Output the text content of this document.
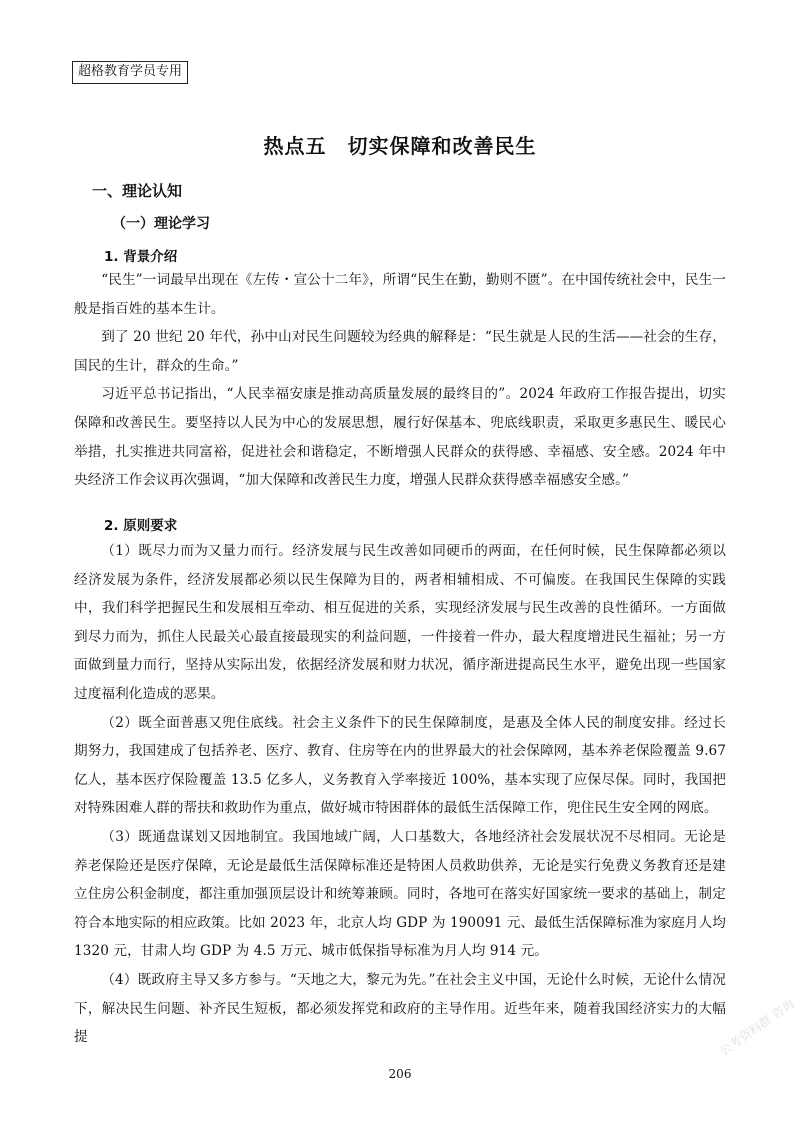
超格教育学员专用
热点五　切实保障和改善民生
一、理论认知
（一）理论学习
1. 背景介绍

“民生”一词最早出现在《左传・宣公十二年》，所谓“民生在勤，勤则不匮”。在中国传统社会中，民生一般是指百姓的基本生计。

到了 20 世纪 20 年代，孙中山对民生问题较为经典的解释是：“民生就是人民的生活——社会的生存，国民的生计，群众的生命。”

习近平总书记指出，“人民幸福安康是推动高质量发展的最终目的”。2024 年政府工作报告提出，切实保障和改善民生。要坚持以人民为中心的发展思想，履行好保基本、兜底线职责，采取更多惠民生、暖民心举措，扎实推进共同富裕，促进社会和谐稳定，不断增强人民群众的获得感、幸福感、安全感。2024 年中央经济工作会议再次强调，“加大保障和改善民生力度，增强人民群众获得感幸福感安全感。”

2. 原则要求

（1）既尽力而为又量力而行。经济发展与民生改善如同硬币的两面，在任何时候，民生保障都必须以经济发展为条件，经济发展都必须以民生保障为目的，两者相辅相成、不可偏废。在我国民生保障的实践中，我们科学把握民生和发展相互牵动、相互促进的关系，实现经济发展与民生改善的良性循环。一方面做到尽力而为，抓住人民最关心最直接最现实的利益问题，一件接着一件办，最大程度增进民生福祉；另一方面做到量力而行，坚持从实际出发，依据经济发展和财力状况，循序渐进提高民生水平，避免出现一些国家过度福利化造成的恶果。

（2）既全面普惠又兜住底线。社会主义条件下的民生保障制度，是惠及全体人民的制度安排。经过长期努力，我国建成了包括养老、医疗、教育、住房等在内的世界最大的社会保障网，基本养老保险覆盖 9.67 亿人，基本医疗保险覆盖 13.5 亿多人，义务教育入学率接近 100%，基本实现了应保尽保。同时，我国把对特殊困难人群的帮扶和救助作为重点，做好城市特困群体的最低生活保障工作，兜住民生安全网的网底。

（3）既通盘谋划又因地制宜。我国地域广阔，人口基数大，各地经济社会发展状况不尽相同。无论是养老保险还是医疗保障，无论是最低生活保障标准还是特困人员救助供养，无论是实行免费义务教育还是建立住房公积金制度，都注重加强顶层设计和统筹兼顾。同时，各地可在落实好国家统一要求的基础上，制定符合本地实际的相应政策。比如 2023 年，北京人均 GDP 为 190091 元、最低生活保障标准为家庭月人均 1320 元，甘肃人均 GDP 为 4.5 万元、城市低保指导标准为月人均 914 元。

（4）既政府主导又多方参与。“天地之大，黎元为先。”在社会主义中国，无论什么时候，无论什么情况下，解决民生问题、补齐民生短板，都必须发挥党和政府的主导作用。近些年来，随着我国经济实力的大幅提

206
公考资料群 咨询
